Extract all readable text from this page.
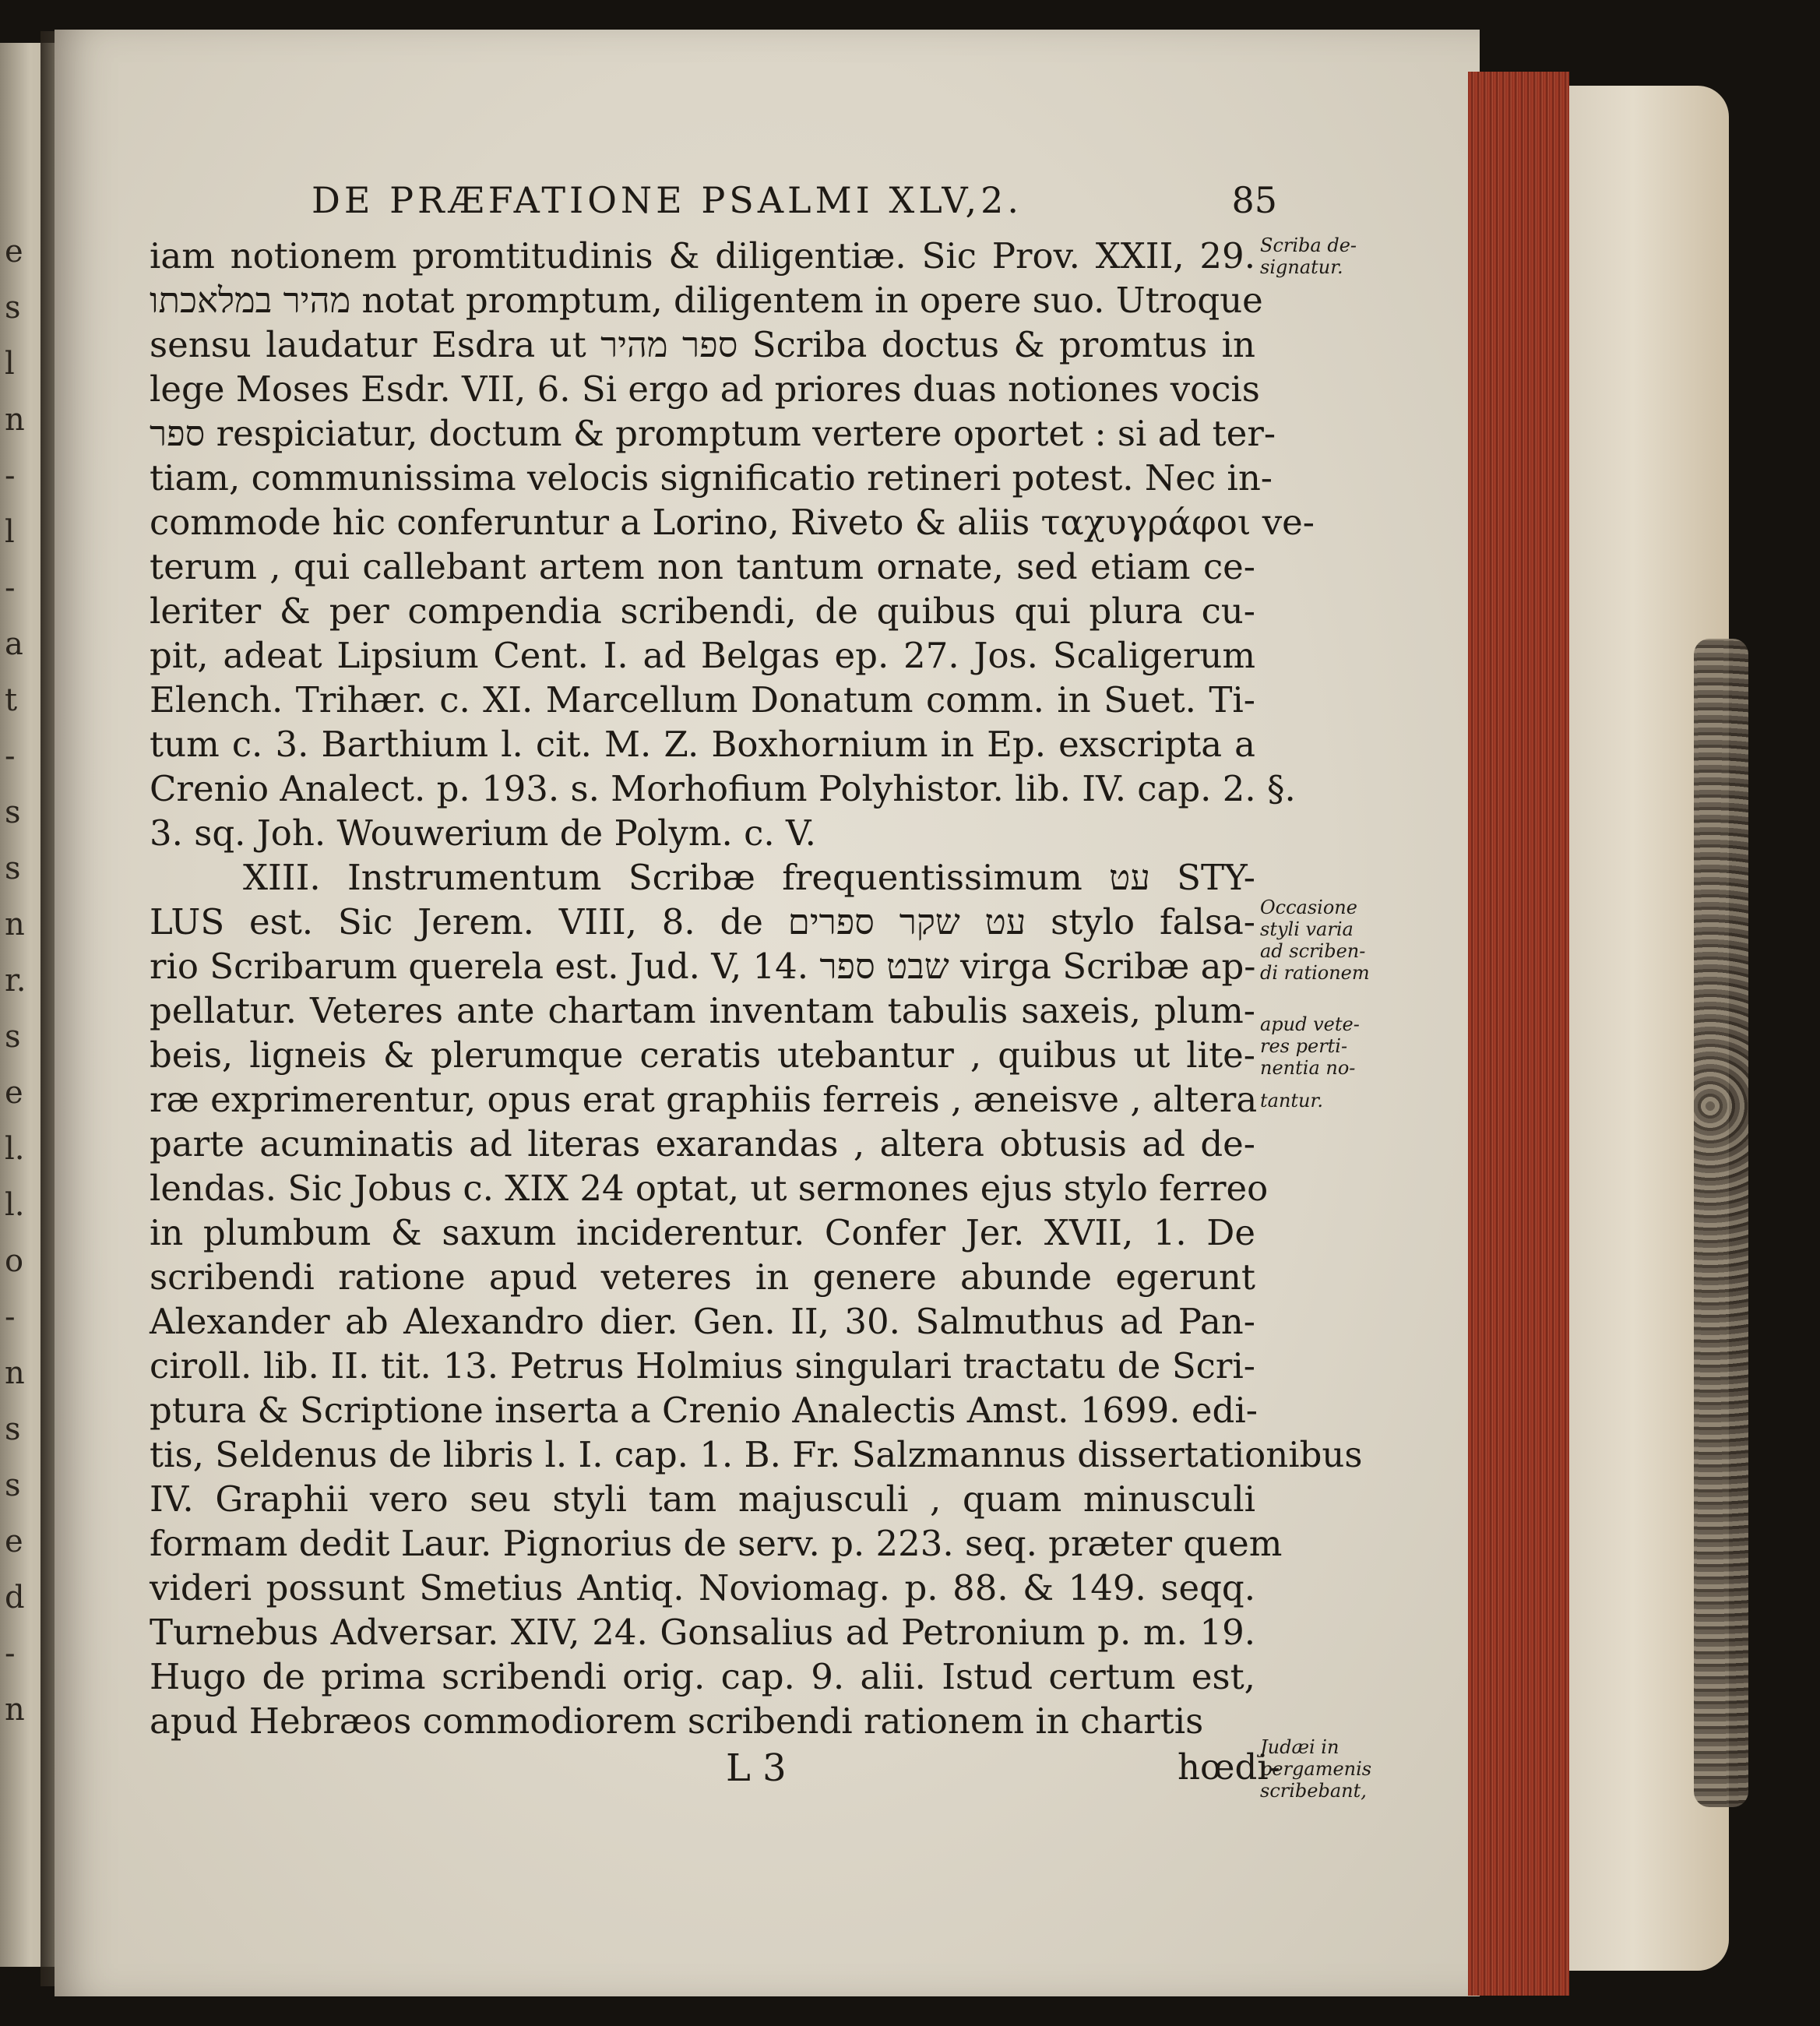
e
s
l
n
-
l
-
a
t
-
s
s
n
r.
s
e
l.
l.
o
-
n
s
s
e
d
-
n
DE PRÆFATIONE PSALMI XLV,2.	85
iam notionem promtitudinis & diligentiæ. Sic Prov. XXII, 29.
מהיר במלאכתו notat promptum, diligentem in opere suo. Utroque
sensu laudatur Esdra ut ספר מהיר Scriba doctus & promtus in
lege Moses Esdr. VII, 6. Si ergo ad priores duas notiones vocis
ספר respiciatur, doctum & promptum vertere oportet : si ad ter-
tiam, communissima velocis significatio retineri potest. Nec in-
commode hic conferuntur a Lorino, Riveto & aliis ταχυγράφοι ve-
terum , qui callebant artem non tantum ornate, sed etiam ce-
leriter & per compendia scribendi, de quibus qui plura cu-
pit, adeat Lipsium Cent. I. ad Belgas ep. 27. Jos. Scaligerum
Elench. Trihær. c. XI. Marcellum Donatum comm. in Suet. Ti-
tum c. 3. Barthium l. cit. M. Z. Boxhornium in Ep. exscripta a
Crenio Analect. p. 193. s. Morhofium Polyhistor. lib. IV. cap. 2. §.
3. sq. Joh. Wouwerium de Polym. c. V.
XIII. Instrumentum Scribæ frequentissimum עט STY-
LUS est. Sic Jerem. VIII, 8. de עט שקר ספרים stylo falsa-
rio Scribarum querela est. Jud. V, 14. שבט ספר virga Scribæ ap-
pellatur. Veteres ante chartam inventam tabulis saxeis, plum-
beis, ligneis & plerumque ceratis utebantur , quibus ut lite-
ræ exprimerentur, opus erat graphiis ferreis , æneisve , altera
parte acuminatis ad literas exarandas , altera obtusis ad de-
lendas. Sic Jobus c. XIX 24 optat, ut sermones ejus stylo ferreo
in plumbum & saxum inciderentur. Confer Jer. XVII, 1. De
scribendi ratione apud veteres in genere abunde egerunt
Alexander ab Alexandro dier. Gen. II, 30. Salmuthus ad Pan-
ciroll. lib. II. tit. 13. Petrus Holmius singulari tractatu de Scri-
ptura & Scriptione inserta a Crenio Analectis Amst. 1699. edi-
tis, Seldenus de libris l. I. cap. 1. B. Fr. Salzmannus dissertationibus
IV. Graphii vero seu styli tam majusculi , quam minusculi
formam dedit Laur. Pignorius de serv. p. 223. seq. præter quem
videri possunt Smetius Antiq. Noviomag. p. 88. & 149. seqq.
Turnebus Adversar. XIV, 24. Gonsalius ad Petronium p. m. 19.
Hugo de prima scribendi orig. cap. 9. alii. Istud certum est,
apud Hebræos commodiorem scribendi rationem in chartis
L 3	hœdi-
Scriba de-
signatur.
Occasione
styli varia
ad scriben-
di rationem
apud vete-
res perti-
nentia no-
tantur.
Judæi in
pergamenis
scribebant,
